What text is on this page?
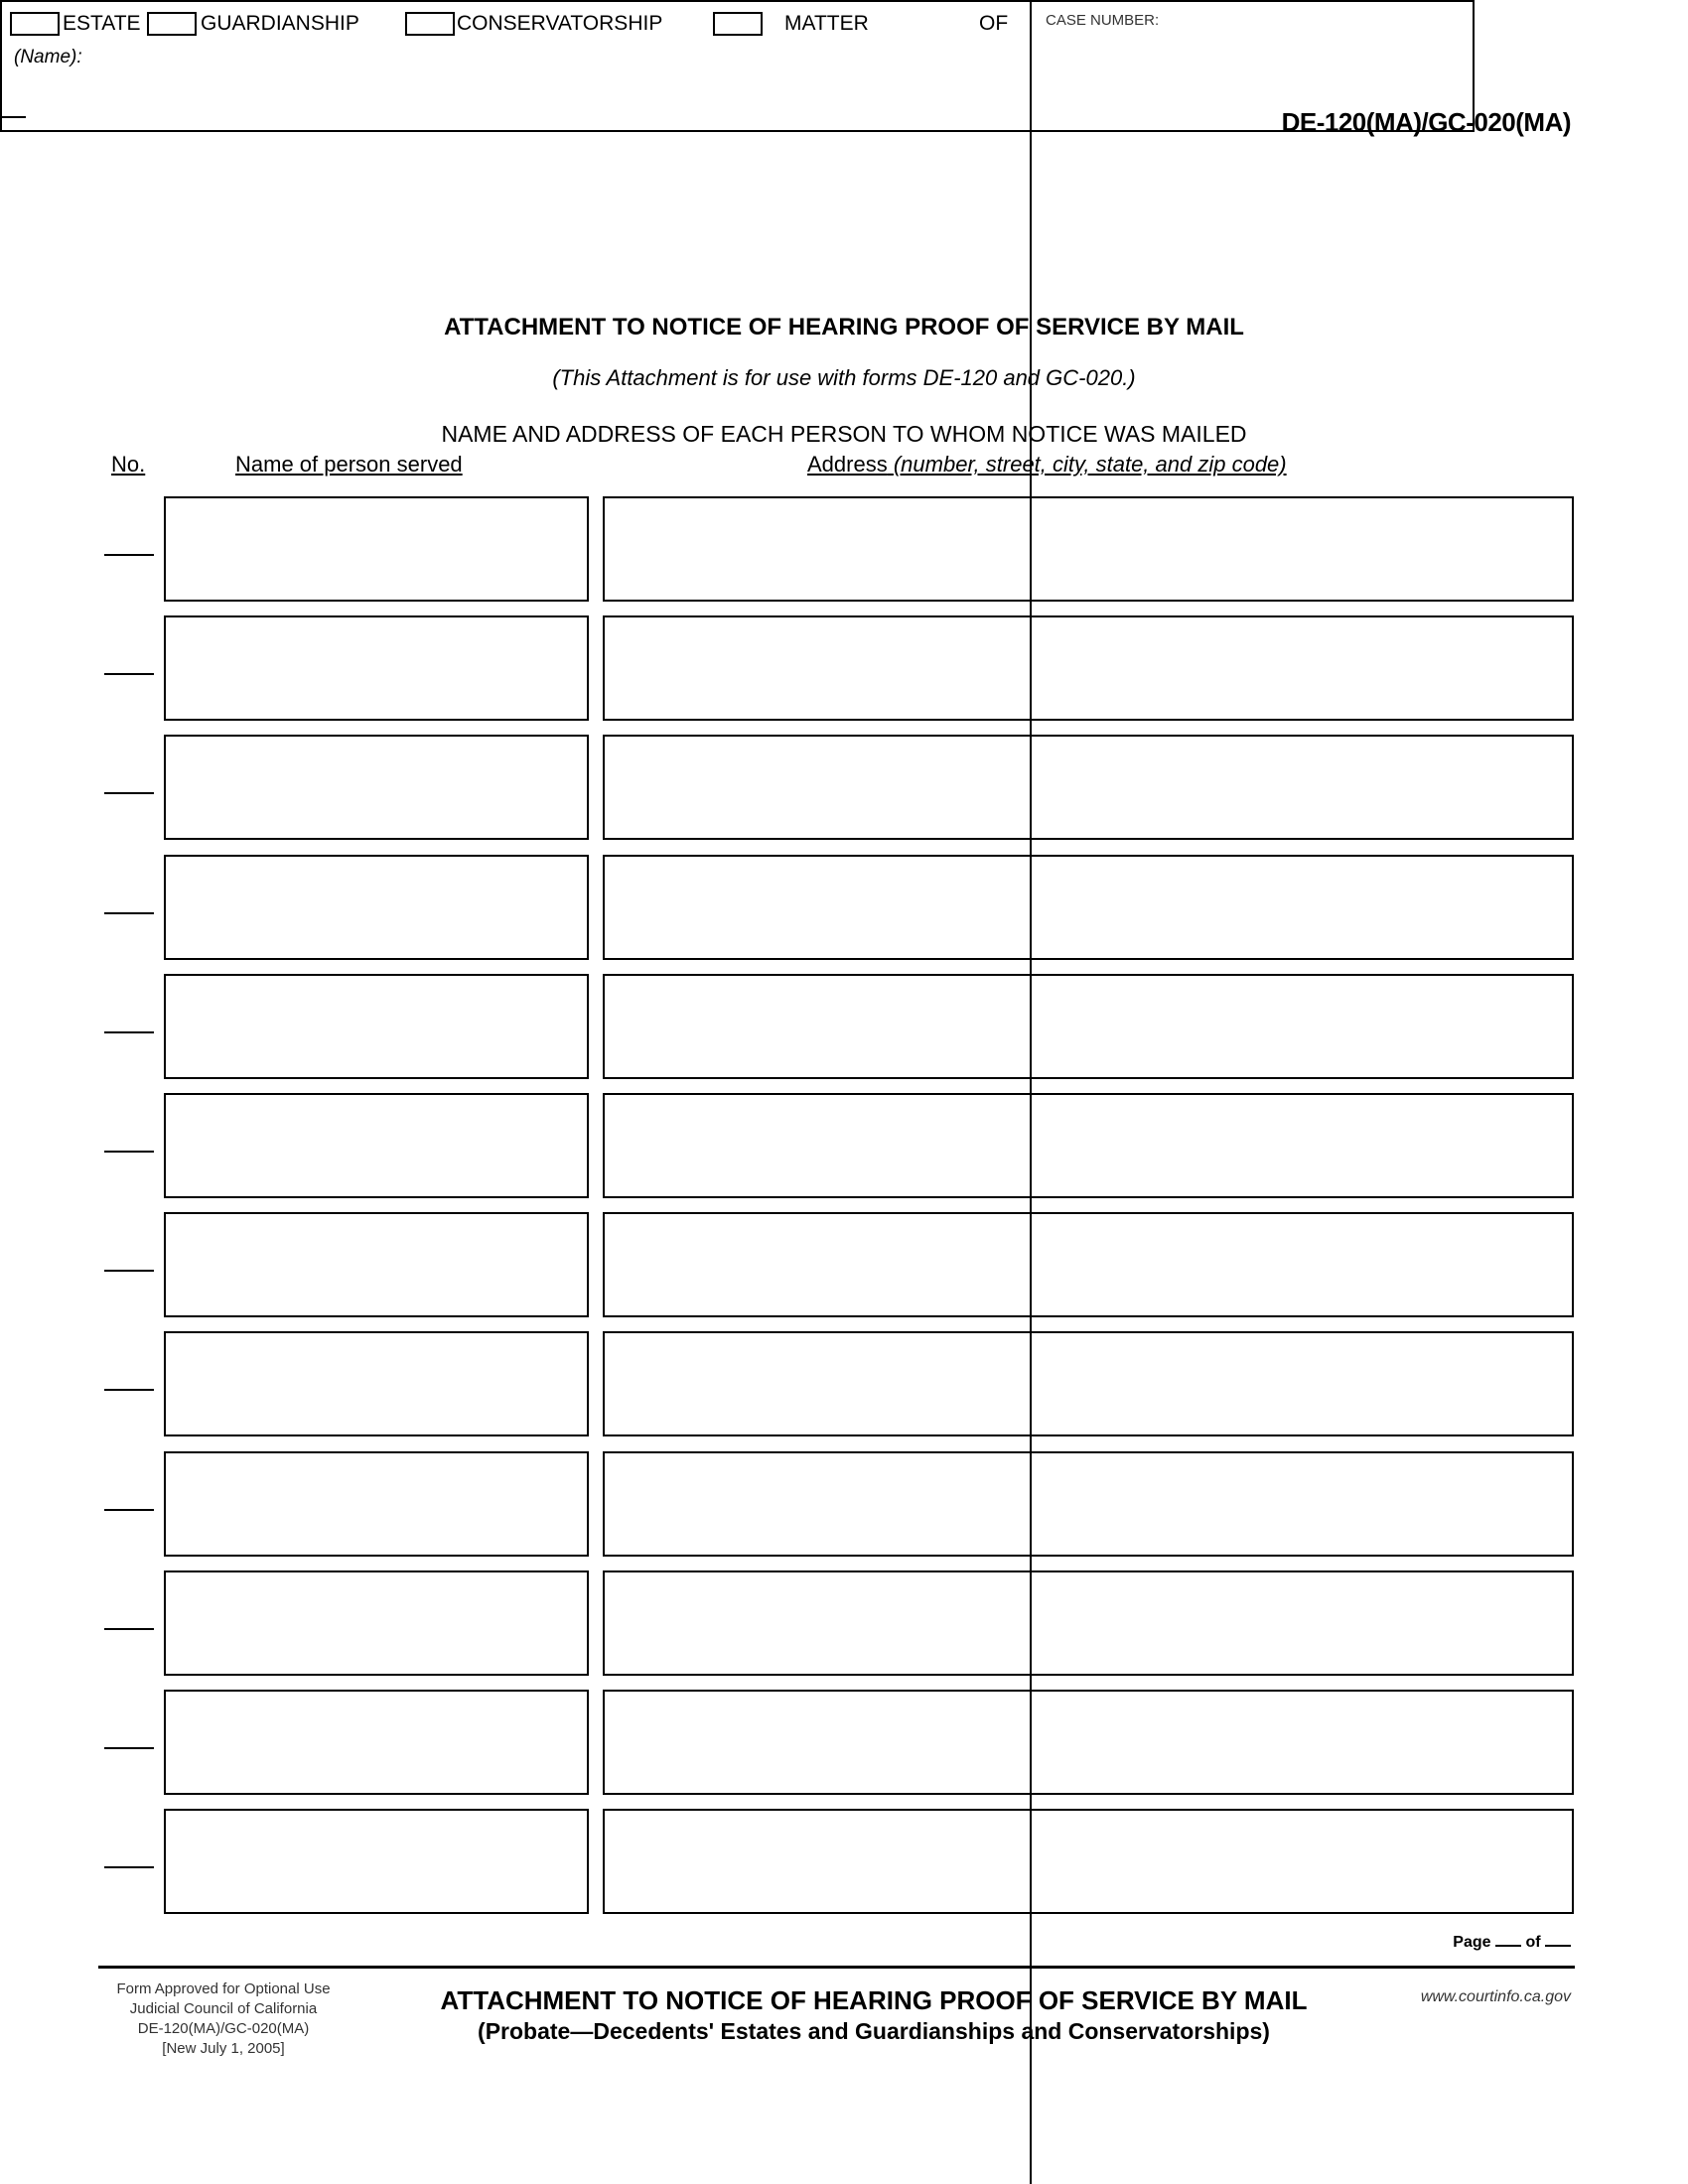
DE-120(MA)/GC-020(MA)
ESTATE	GUARDIANSHIP	CONSERVATORSHIP	MATTER	OF
(Name):
CASE NUMBER:
ATTACHMENT TO NOTICE OF HEARING PROOF OF SERVICE BY MAIL
(This Attachment is for use with forms DE-120 and GC-020.)
NAME AND ADDRESS OF EACH PERSON TO WHOM NOTICE WAS MAILED
No.	Name of person served	Address (number, street, city, state, and zip code)
Page of
Form Approved for Optional Use
Judicial Council of California
DE-120(MA)/GC-020(MA)
[New July 1, 2005]
ATTACHMENT TO NOTICE OF HEARING PROOF OF SERVICE BY MAIL
(Probate—Decedents' Estates and Guardianships and Conservatorships)
www.courtinfo.ca.gov
